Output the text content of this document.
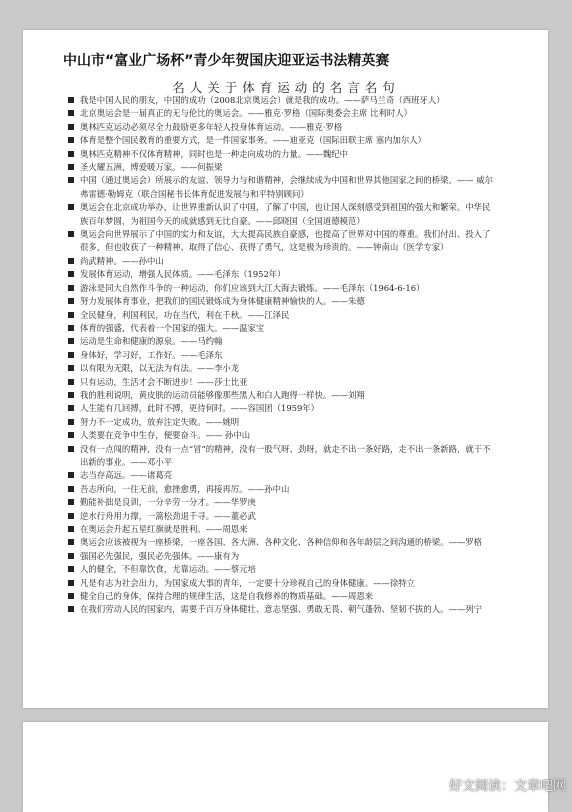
中山市“富业广场杯”青少年贺国庆迎亚运书法精英赛
名人关于体育运动的名言名句
我是中国人民的朋友，中国的成功（2008北京奥运会）就是我的成功。——萨马兰奇（西班牙人）
北京奥运会是一届真正的无与伦比的奥运会。——雅克·罗格（国际奥委会主席 比利时人）
奥林匹克运动必须尽全力鼓励更多年轻人投身体育运动。——雅克·罗格
体育是整个国民教育的重要方式，是一件国家事务。——迪亚克（国际田联主席 塞内加尔人）
奥林匹克精神不仅体育精神，同时也是一种走向成功的力量。——魏纪中
圣火耀五洲，博爱暖万家。——何振梁
中国（通过奥运会）所展示的友谊、领导力与和谐精神，会继续成为中国和世界其他国家之间的桥梁。—— 威尔弗雷德·勒姆克（联合国秘书长体育促进发展与和平特别顾问）
奥运会在北京成功举办，让世界重新认识了中国，了解了中国，也让国人深刻感受到祖国的强大和繁荣。中华民族百年梦圆，为祖国今天的成就感到无比自豪。——邱晓国（全国道德模范）
奥运会向世界展示了中国的实力和友谊，大大提高民族自豪感，也提高了世界对中国的尊重。我们付出、投入了很多，但也收获了一种精神、取得了信心、获得了勇气，这是极为珍贵的。——钟南山（医学专家）
尚武精神。——孙中山
发展体育运动，增强人民体质。——毛泽东（1952年）
游泳是同大自然作斗争的一种运动，你们应该到大江大海去锻炼。——毛泽东（1964-6-16）
努力发展体育事业，把我们的国民锻炼成为身体健康精神愉快的人。——朱德
全民健身，利国利民，功在当代，利在千秋。——江泽民
体育的强盛，代表着一个国家的强大。——温家宝
运动是生命和健康的源泉。——马约翰
身体好，学习好，工作好。——毛泽东
以有限为无限，以无法为有法。——李小龙
只有运动，生活才会不断进步！——莎士比亚
我的胜利说明，黄皮肤的运动员能够像那些黑人和白人跑得一样快。——刘翔
人生能有几回搏，此时不搏，更待何时。——容国团（1959年）
努力不一定成功，放弃注定失败。——姚明
人类要在竞争中生存，便要奋斗。—— 孙中山
没有一点闯的精神，没有一点“冒”的精神，没有一股气呀、劲呀，就走不出一条好路，走不出一条新路，就干不出新的事业。——邓小平
志当存高远。——诸葛亮
吾志所向，一往无前，愈挫愈勇，再接再厉。——孙中山
勤能补拙是良训，一分辛劳一分才。——华罗庚
逆水行舟用力撑，一篙松劲退千寻。——董必武
在奥运会升起五星红旗就是胜利。——周恩来
奥运会应该被视为一座桥梁，一座各国、各大洲、各种文化、各种信仰和各年龄层之间沟通的桥梁。——罗格
强国必先强民，强民必先强体。——康有为
人的健全，不但靠饮食，尤靠运动。——蔡元培
凡是有志为社会出力，为国家成大事的青年，一定要十分珍视自己的身体健康。——徐特立
健全自己的身体，保持合理的规律生活，这是自我修养的物质基础。——周恩来
在我们劳动人民的国家内，需要千百万身体健壮、意志坚强、勇敢无畏、朝气蓬勃、坚韧不拔的人。——列宁
好文阅读：文章吧网
